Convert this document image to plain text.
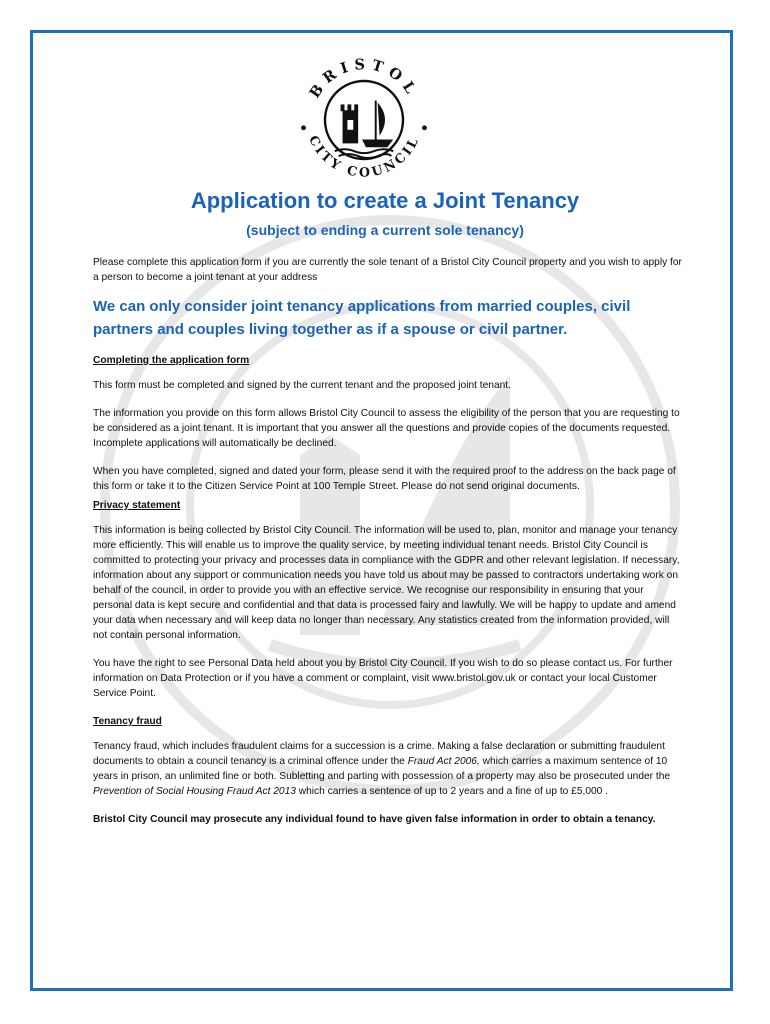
BRISTOL
CITY COUNCIL
Application to create a Joint Tenancy
(subject to ending a current sole tenancy)

Please complete this application form if you are currently the sole tenant of a Bristol City Council property and you wish to apply for a person to become a joint tenant at your address

We can only consider joint tenancy applications from married couples, civil partners and couples living together as if a spouse or civil partner.

Completing the application form

This form must be completed and signed by the current tenant and the proposed joint tenant.

The information you provide on this form allows Bristol City Council to assess the eligibility of the person that you are requesting to be considered as a joint tenant. It is important that you answer all the questions and provide copies of the documents requested. Incomplete applications will automatically be declined.

When you have completed, signed and dated your form, please send it with the required proof to the address on the back page of this form or take it to the Citizen Service Point at 100 Temple Street. Please do not send original documents.

Privacy statement

This information is being collected by Bristol City Council. The information will be used to, plan, monitor and manage your tenancy more efficiently. This will enable us to improve the quality service, by meeting individual tenant needs. Bristol City Council is committed to protecting your privacy and processes data in compliance with the GDPR and other relevant legislation. If necessary, information about any support or communication needs you have told us about may be passed to contractors undertaking work on behalf of the council, in order to provide you with an effective service. We recognise our responsibility in ensuring that your personal data is kept secure and confidential and that data is processed fairy and lawfully. We will be happy to update and amend your data when necessary and will keep data no longer than necessary. Any statistics created from the information provided, will not contain personal information.

You have the right to see Personal Data held about you by Bristol City Council. If you wish to do so please contact us. For further information on Data Protection or if you have a comment or complaint, visit www.bristol.gov.uk or contact your local Customer Service Point.

Tenancy fraud

Tenancy fraud, which includes fraudulent claims for a succession is a crime. Making a false declaration or submitting fraudulent documents to obtain a council tenancy is a criminal offence under the Fraud Act 2006, which carries a maximum sentence of 10 years in prison, an unlimited fine or both. Subletting and parting with possession of a property may also be prosecuted under the Prevention of Social Housing Fraud Act 2013 which carries a sentence of up to 2 years and a fine of up to £5,000 .

Bristol City Council may prosecute any individual found to have given false information in order to obtain a tenancy.
